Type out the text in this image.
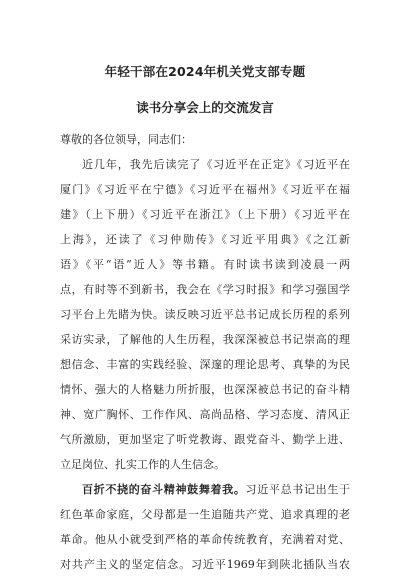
年轻干部在2024年机关党支部专题
读书分享会上的交流发言

尊敬的各位领导，同志们：

近几年，我先后读完了《习近平在正定》《习近平在
厦门》《习近平在宁德》《习近平在福州》《习近平在福
建》（上下册）《习近平在浙江》（上下册）《习近平在
上海》，还读了《习仲勋传》《习近平用典》《之江新
语》《平“语”近人》等书籍。有时读书读到凌晨一两
点，有时等不到新书，我会在《学习时报》和学习强国学
习平台上先睹为快。读反映习近平总书记成长历程的系列
采访实录，了解他的人生历程，我深深被总书记崇高的理
想信念、丰富的实践经验、深邃的理论思考、真挚的为民
情怀、强大的人格魅力所折服，也深深被总书记的奋斗精
神、宽广胸怀、工作作风、高尚品格、学习态度、清风正
气所激励，更加坚定了听党教诲、跟党奋斗、勤学上进、
立足岗位、扎实工作的人生信念。
百折不挠的奋斗精神鼓舞着我。习近平总书记出生于
红色革命家庭，父母都是一生追随共产党、追求真理的老
革命。他从小就受到严格的革命传统教育，充满着对党、
对共产主义的坚定信念。习近平1969年到陕北插队当农
